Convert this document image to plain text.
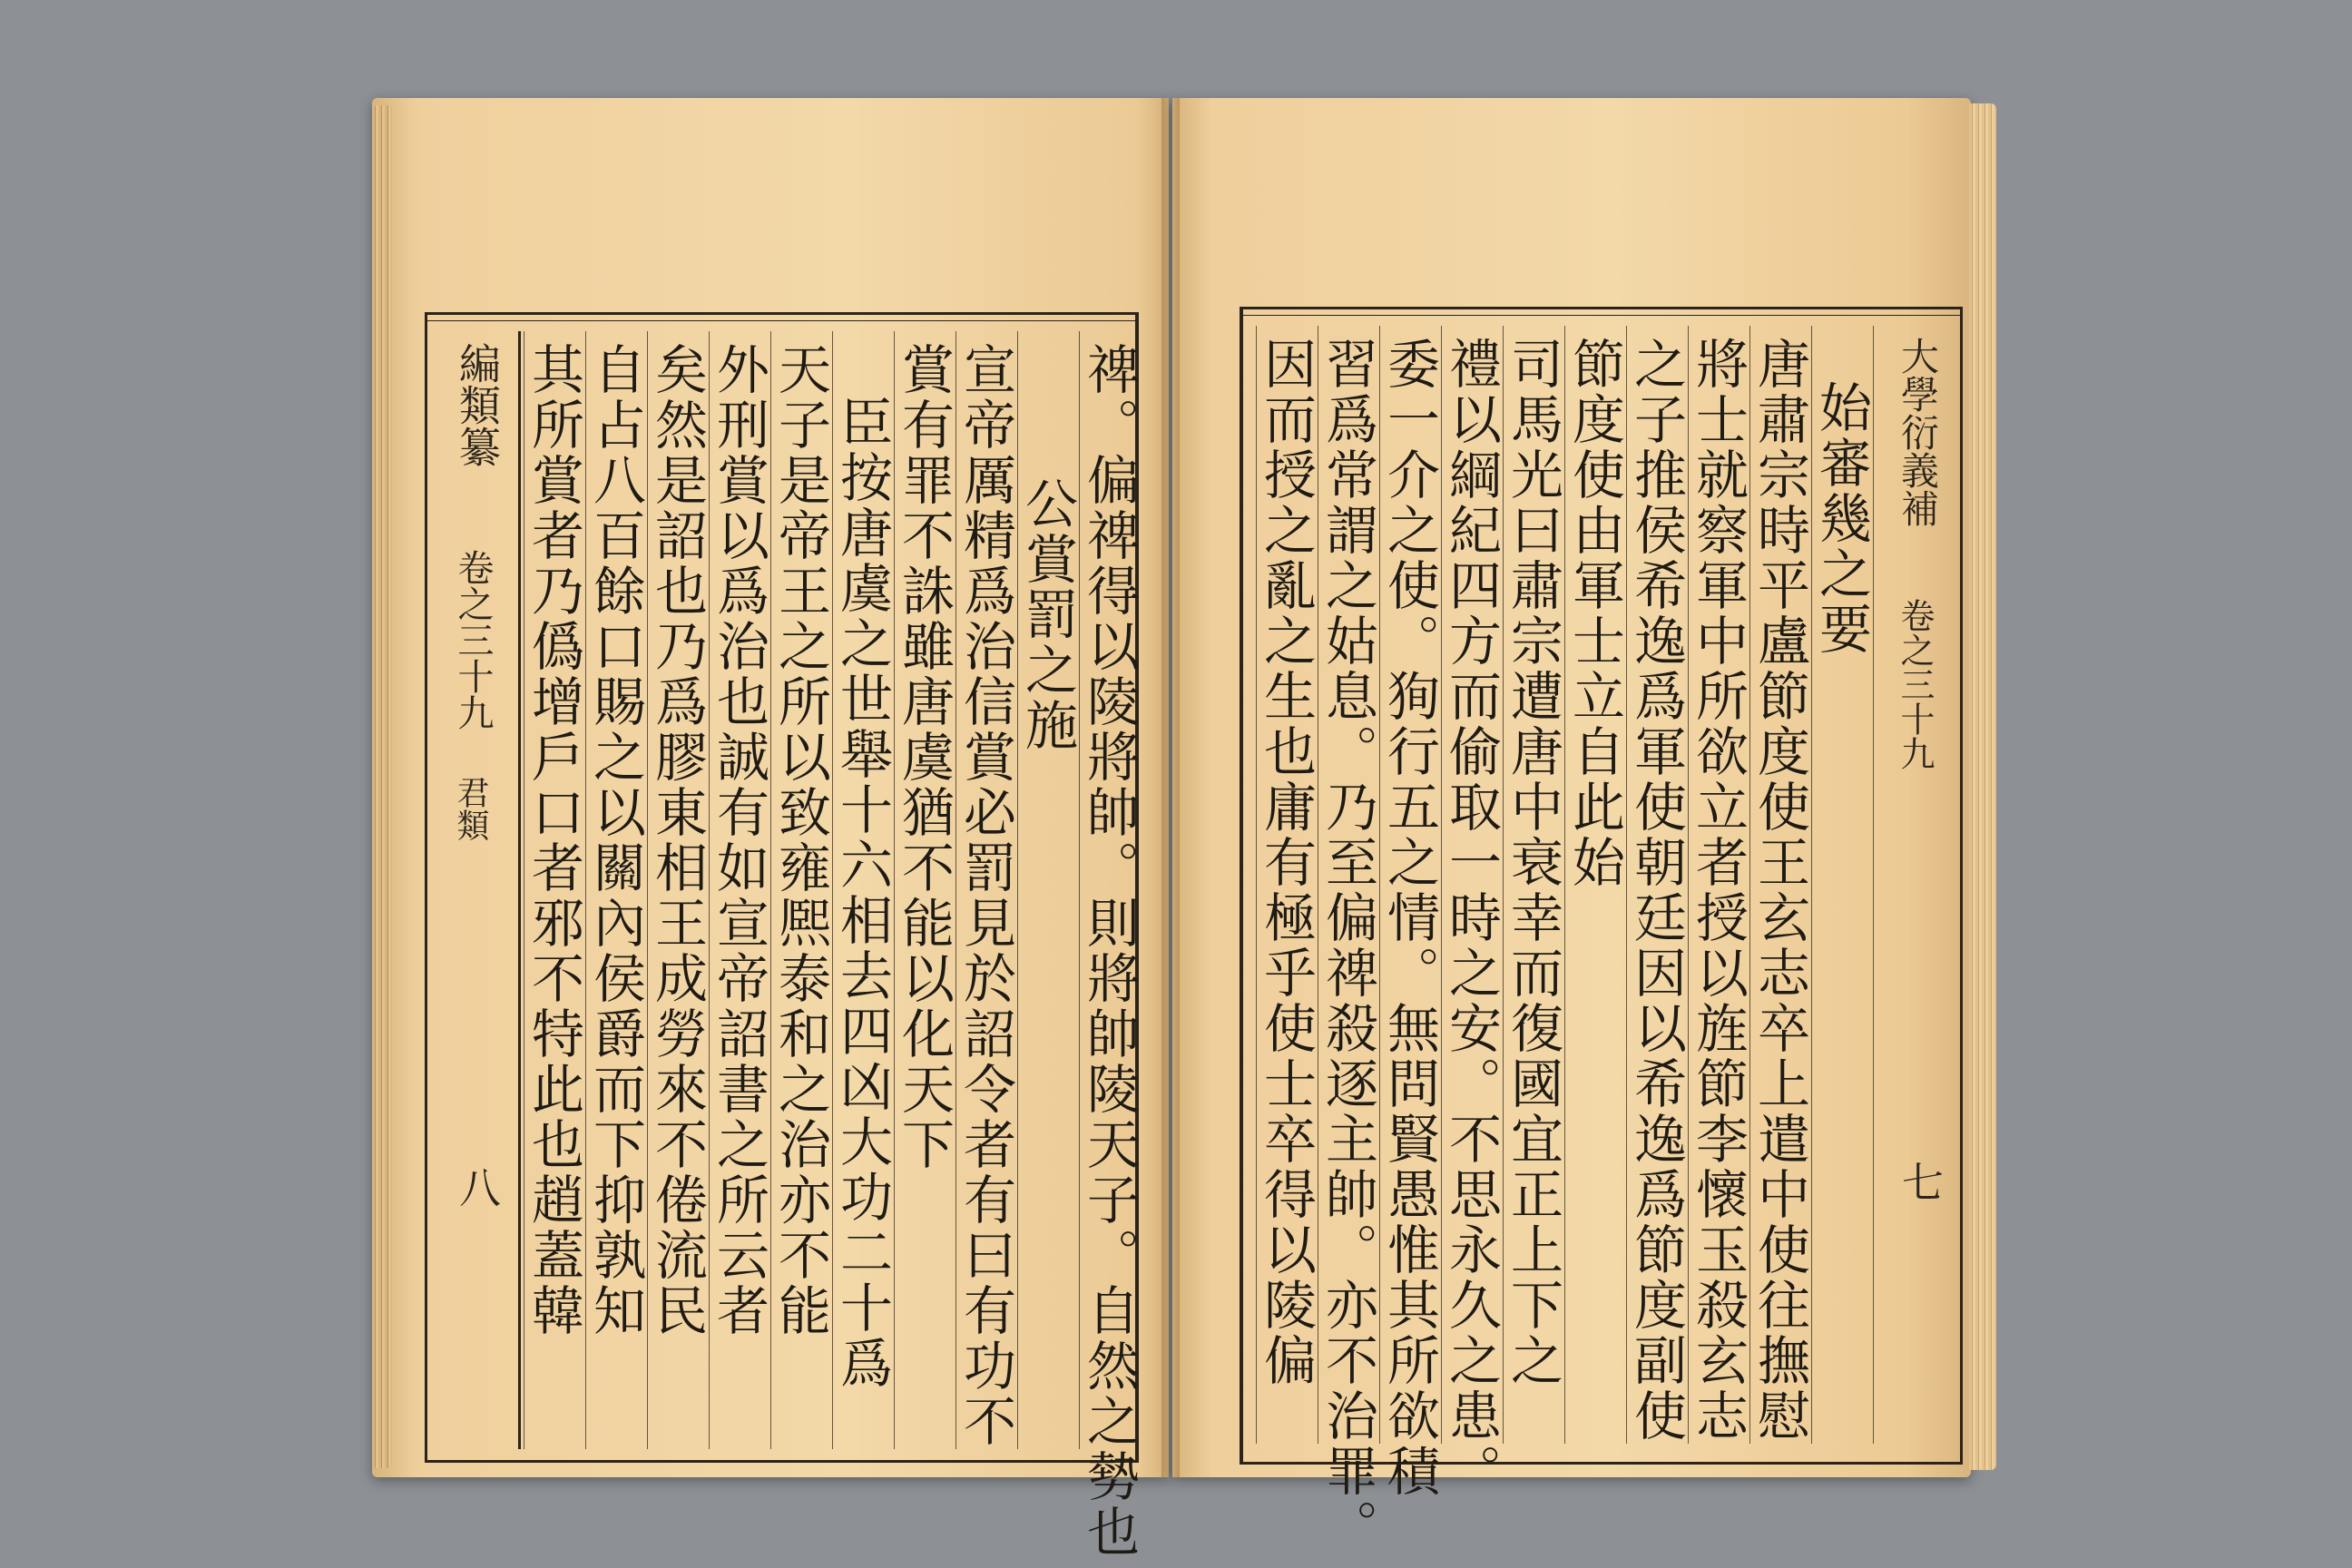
禆。偏禆得以陵將帥。則將帥陵天子。自然之勢也
公賞罰之施
宣帝厲精爲治信賞必罰見於詔令者有曰有功不
賞有罪不誅雖唐虞猶不能以化天下
臣按唐虞之世舉十六相去四凶大功二十爲
天子是帝王之所以致雍熈泰和之治亦不能
外刑賞以爲治也誠有如宣帝詔書之所云者
矣然是詔也乃爲膠東相王成勞來不倦流民
自占八百餘口賜之以關內侯爵而下抑孰知
其所賞者乃僞增戶口者邪不特此也趙蓋韓
編類纂
卷之三十九
君類
八	因而授之亂之生也庸有極乎使士卒得以陵偏 習爲常謂之姑息。乃至偏禆殺逐主帥。亦不治罪。 委一介之使。狥行五之情。無問賢愚惟其所欲積 禮以綱紀四方而偷取一時之安。不思永久之患。 司馬光曰肅宗遭唐中衰幸而復國宜正上下之 節度使由軍士立自此始 之子推侯希逸爲軍使朝廷因以希逸爲節度副使 將士就察軍中所欲立者授以旌節李懷玉殺玄志 唐肅宗時平盧節度使王玄志卒上遣中使往撫慰 始審幾之要 大學衍義補
卷之三十九
七
